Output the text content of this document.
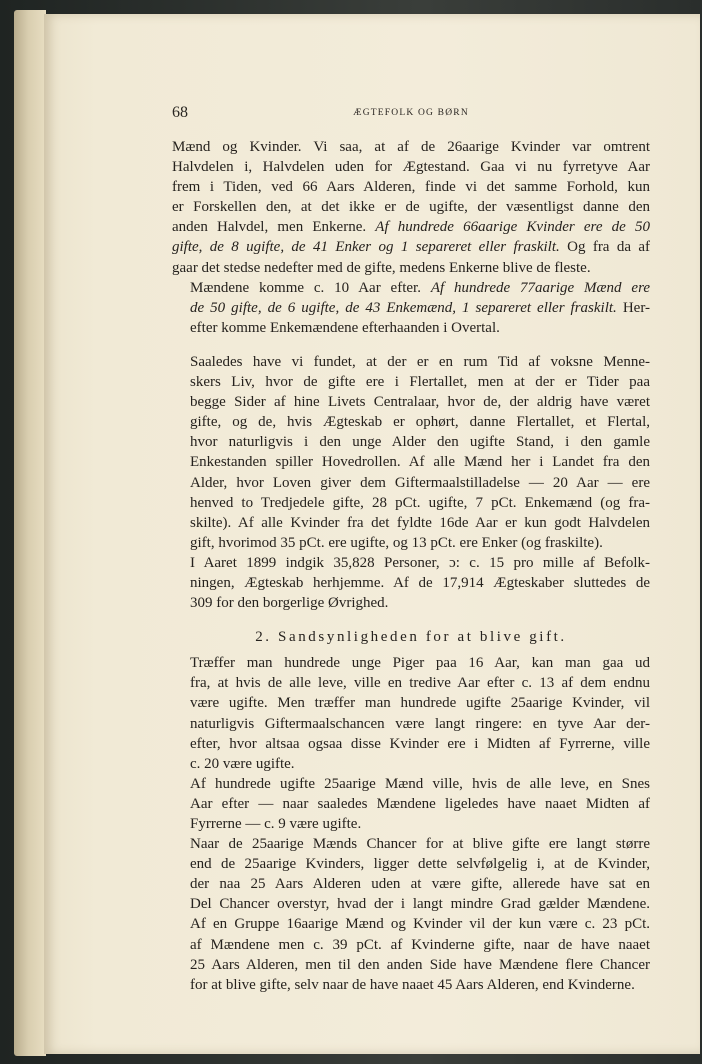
68	ÆGTEFOLK OG BØRN

Mænd og Kvinder. Vi saa, at af de 26aarige Kvinder var omtrent
Halvdelen i, Halvdelen uden for Ægtestand. Gaa vi nu fyrretyve Aar
frem i Tiden, ved 66 Aars Alderen, finde vi det samme Forhold, kun
er Forskellen den, at det ikke er de ugifte, der væsentligst danne den
anden Halvdel, men Enkerne. Af hundrede 66aarige Kvinder ere de 50
gifte, de 8 ugifte, de 41 Enker og 1 separeret eller fraskilt. Og fra da af
gaar det stedse nedefter med de gifte, medens Enkerne blive de fleste.

Mændene komme c. 10 Aar efter. Af hundrede 77aarige Mænd ere
de 50 gifte, de 6 ugifte, de 43 Enkemænd, 1 separeret eller fraskilt. Her-
efter komme Enkemændene efterhaanden i Overtal.

Saaledes have vi fundet, at der er en rum Tid af voksne Menne-
skers Liv, hvor de gifte ere i Flertallet, men at der er Tider paa
begge Sider af hine Livets Centralaar, hvor de, der aldrig have været
gifte, og de, hvis Ægteskab er ophørt, danne Flertallet, et Flertal,
hvor naturligvis i den unge Alder den ugifte Stand, i den gamle
Enkestanden spiller Hovedrollen. Af alle Mænd her i Landet fra den
Alder, hvor Loven giver dem Giftermaalstilladelse — 20 Aar — ere
henved to Tredjedele gifte, 28 pCt. ugifte, 7 pCt. Enkemænd (og fra-
skilte). Af alle Kvinder fra det fyldte 16de Aar er kun godt Halvdelen
gift, hvorimod 35 pCt. ere ugifte, og 13 pCt. ere Enker (og fraskilte).

I Aaret 1899 indgik 35,828 Personer, ɔ: c. 15 pro mille af Befolk-
ningen, Ægteskab herhjemme. Af de 17,914 Ægteskaber sluttedes de
309 for den borgerlige Øvrighed.

2. Sandsynligheden for at blive gift.

Træffer man hundrede unge Piger paa 16 Aar, kan man gaa ud
fra, at hvis de alle leve, ville en tredive Aar efter c. 13 af dem endnu
være ugifte. Men træffer man hundrede ugifte 25aarige Kvinder, vil
naturligvis Giftermaalschancen være langt ringere: en tyve Aar der-
efter, hvor altsaa ogsaa disse Kvinder ere i Midten af Fyrrerne, ville
c. 20 være ugifte.

Af hundrede ugifte 25aarige Mænd ville, hvis de alle leve, en Snes
Aar efter — naar saaledes Mændene ligeledes have naaet Midten af
Fyrrerne — c. 9 være ugifte.

Naar de 25aarige Mænds Chancer for at blive gifte ere langt større
end de 25aarige Kvinders, ligger dette selvfølgelig i, at de Kvinder,
der naa 25 Aars Alderen uden at være gifte, allerede have sat en
Del Chancer overstyr, hvad der i langt mindre Grad gælder Mændene.
Af en Gruppe 16aarige Mænd og Kvinder vil der kun være c. 23 pCt.
af Mændene men c. 39 pCt. af Kvinderne gifte, naar de have naaet
25 Aars Alderen, men til den anden Side have Mændene flere Chancer
for at blive gifte, selv naar de have naaet 45 Aars Alderen, end Kvinderne.
